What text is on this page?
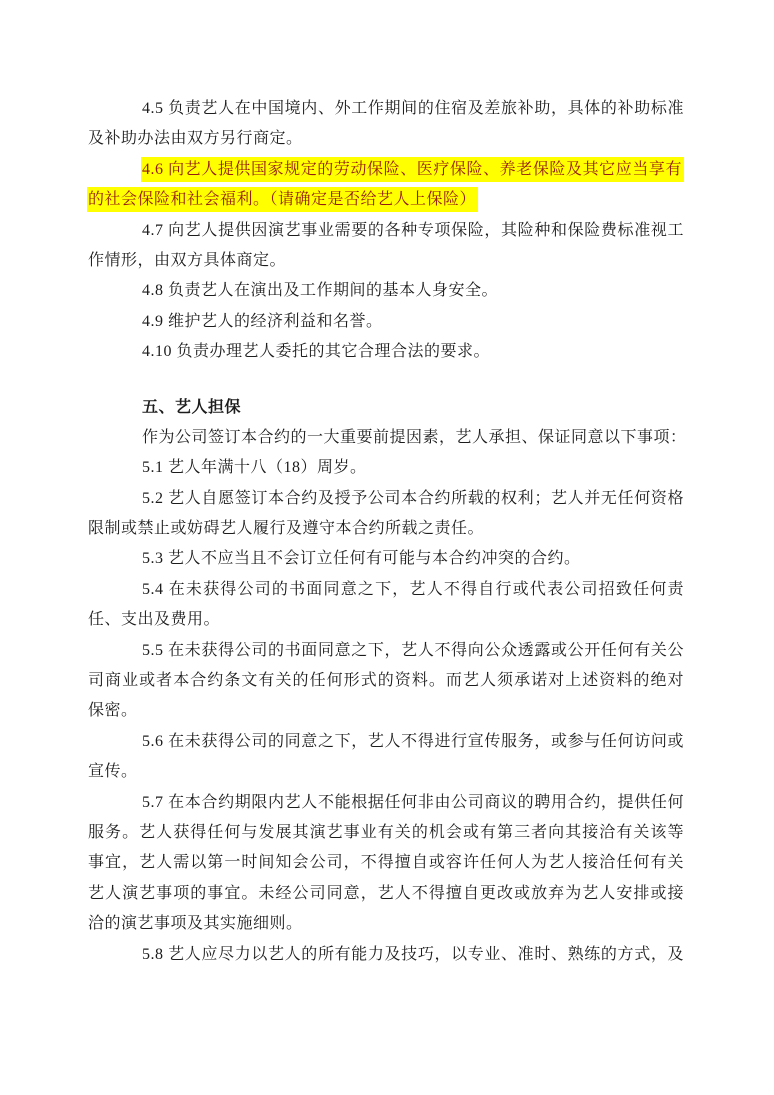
4.5 负责艺人在中国境内、外工作期间的住宿及差旅补助，具体的补助标准
及补助办法由双方另行商定。
4.6 向艺人提供国家规定的劳动保险、医疗保险、养老保险及其它应当享有
的社会保险和社会福利。（请确定是否给艺人上保险）
4.7 向艺人提供因演艺事业需要的各种专项保险，其险种和保险费标准视工
作情形，由双方具体商定。
4.8 负责艺人在演出及工作期间的基本人身安全。
4.9 维护艺人的经济利益和名誉。
4.10 负责办理艺人委托的其它合理合法的要求。
五、艺人担保
作为公司签订本合约的一大重要前提因素，艺人承担、保证同意以下事项：
5.1 艺人年满十八（18）周岁。
5.2 艺人自愿签订本合约及授予公司本合约所载的权利；艺人并无任何资格
限制或禁止或妨碍艺人履行及遵守本合约所载之责任。
5.3 艺人不应当且不会订立任何有可能与本合约冲突的合约。
5.4 在未获得公司的书面同意之下，艺人不得自行或代表公司招致任何责
任、支出及费用。
5.5 在未获得公司的书面同意之下，艺人不得向公众透露或公开任何有关公
司商业或者本合约条文有关的任何形式的资料。而艺人须承诺对上述资料的绝对
保密。
5.6 在未获得公司的同意之下，艺人不得进行宣传服务，或参与任何访问或
宣传。
5.7 在本合约期限内艺人不能根据任何非由公司商议的聘用合约，提供任何
服务。艺人获得任何与发展其演艺事业有关的机会或有第三者向其接洽有关该等
事宜，艺人需以第一时间知会公司，不得擅自或容许任何人为艺人接洽任何有关
艺人演艺事项的事宜。未经公司同意，艺人不得擅自更改或放弃为艺人安排或接
洽的演艺事项及其实施细则。
5.8 艺人应尽力以艺人的所有能力及技巧，以专业、准时、熟练的方式，及
